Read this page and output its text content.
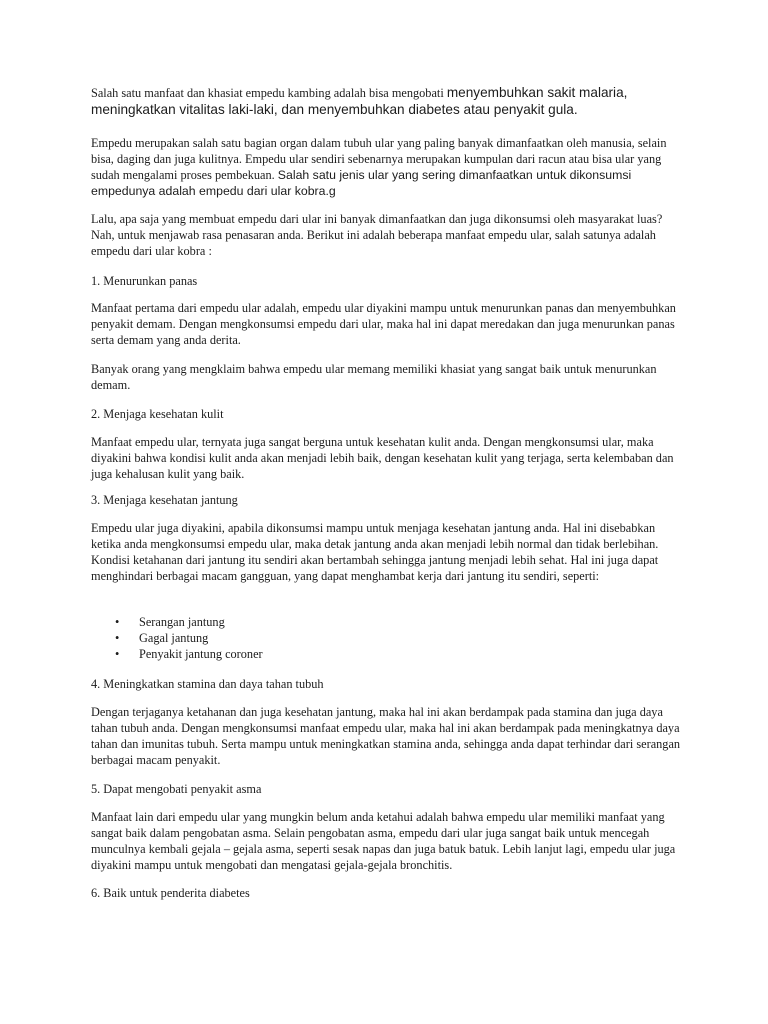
Salah satu manfaat dan khasiat empedu kambing adalah bisa mengobati menyembuhkan sakit malaria, meningkatkan vitalitas laki-laki, dan menyembuhkan diabetes atau penyakit gula.

Empedu merupakan salah satu bagian organ dalam tubuh ular yang paling banyak dimanfaatkan oleh manusia, selain bisa, daging dan juga kulitnya. Empedu ular sendiri sebenarnya merupakan kumpulan dari racun atau bisa ular yang sudah mengalami proses pembekuan. Salah satu jenis ular yang sering dimanfaatkan untuk dikonsumsi empedunya adalah empedu dari ular kobra.g

Lalu, apa saja yang membuat empedu dari ular ini banyak dimanfaatkan dan juga dikonsumsi oleh masyarakat luas? Nah, untuk menjawab rasa penasaran anda. Berikut ini adalah beberapa manfaat empedu ular, salah satunya adalah empedu dari ular kobra :

1. Menurunkan panas

Manfaat pertama dari empedu ular adalah, empedu ular diyakini mampu untuk menurunkan panas dan menyembuhkan penyakit demam. Dengan mengkonsumsi empedu dari ular, maka hal ini dapat meredakan dan juga menurunkan panas serta demam yang anda derita.

Banyak orang yang mengklaim bahwa empedu ular memang memiliki khasiat yang sangat baik untuk menurunkan demam.

2. Menjaga kesehatan kulit

Manfaat empedu ular, ternyata juga sangat berguna untuk kesehatan kulit anda. Dengan mengkonsumsi ular, maka diyakini bahwa kondisi kulit anda akan menjadi lebih baik, dengan kesehatan kulit yang terjaga, serta kelembaban dan juga kehalusan kulit yang baik.

3. Menjaga kesehatan jantung

Empedu ular juga diyakini, apabila dikonsumsi mampu untuk menjaga kesehatan jantung anda. Hal ini disebabkan ketika anda mengkonsumsi empedu ular, maka detak jantung anda akan menjadi lebih normal dan tidak berlebihan. Kondisi ketahanan dari jantung itu sendiri akan bertambah sehingga jantung menjadi lebih sehat. Hal ini juga dapat menghindari berbagai macam gangguan, yang dapat menghambat kerja dari jantung itu sendiri, seperti:

• Serangan jantung
• Gagal jantung
• Penyakit jantung coroner

4. Meningkatkan stamina dan daya tahan tubuh

Dengan terjaganya ketahanan dan juga kesehatan jantung, maka hal ini akan berdampak pada stamina dan juga daya tahan tubuh anda. Dengan mengkonsumsi manfaat empedu ular, maka hal ini akan berdampak pada meningkatnya daya tahan dan imunitas tubuh. Serta mampu untuk meningkatkan stamina anda, sehingga anda dapat terhindar dari serangan berbagai macam penyakit.

5. Dapat mengobati penyakit asma

Manfaat lain dari empedu ular yang mungkin belum anda ketahui adalah bahwa empedu ular memiliki manfaat yang sangat baik dalam pengobatan asma. Selain pengobatan asma, empedu dari ular juga sangat baik untuk mencegah munculnya kembali gejala – gejala asma, seperti sesak napas dan juga batuk batuk. Lebih lanjut lagi, empedu ular juga diyakini mampu untuk mengobati dan mengatasi gejala-gejala bronchitis.

6. Baik untuk penderita diabetes
